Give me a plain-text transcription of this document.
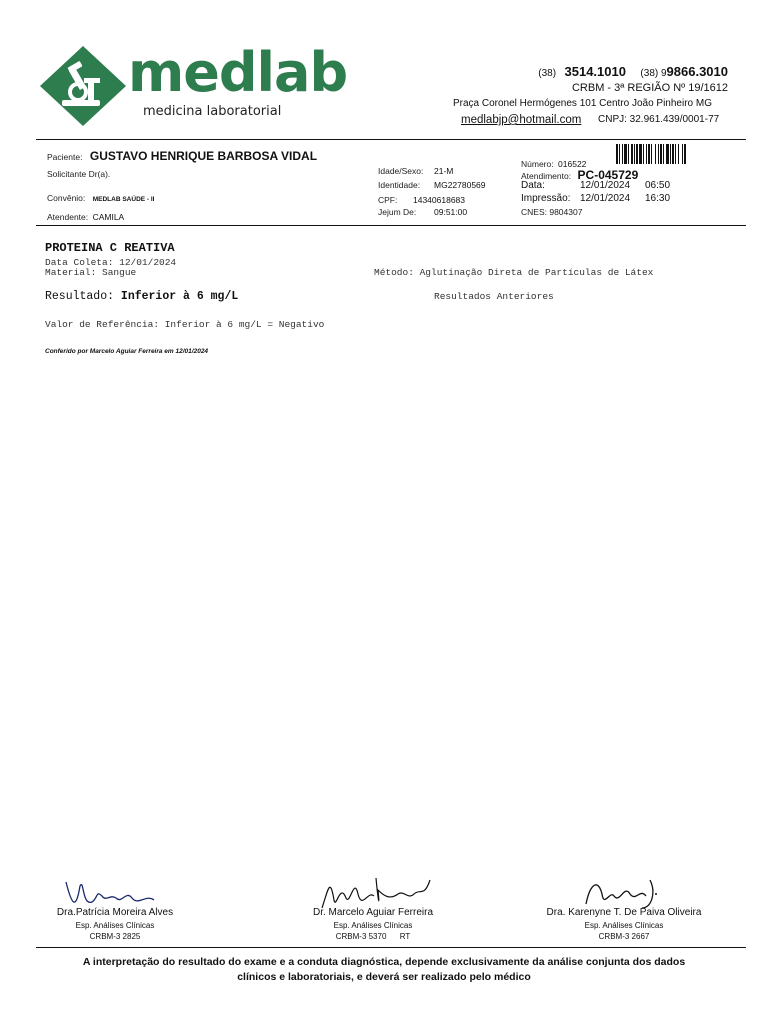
medlab
medicina laboratorial
(38) 3514.1010 (38) 99866.3010
CRBM - 3ª REGIÃO Nº 19/1612
Praça Coronel Hermógenes 101 Centro João Pinheiro MG
medlabjp@hotmail.com CNPJ: 32.961.439/0001-77
Paciente: GUSTAVO HENRIQUE BARBOSA VIDAL
Solicitante Dr(a).
Convênio: MEDLAB SAÚDE - II
Atendente: CAMILA
Idade/Sexo: 21-M
Identidade: MG22780569
CPF: 14340618683
Jejum De: 09:51:00
Número: 016522
Atendimento: PC-045729
Data:	12/01/2024 06:50
Impressão: 12/01/2024 16:30
CNES: 9804307
PROTEINA C REATIVA
Data Coleta: 12/01/2024
Material: Sangue	Método: Aglutinação Direta de Partículas de Látex
Resultado: Inferior à 6 mg/L	Resultados Anteriores
Valor de Referência: Inferior à 6 mg/L = Negativo
Conferido por Marcelo Aguiar Ferreira em 12/01/2024
Dra.Patrícia Moreira Alves
Esp. Análises Clínicas
CRBM-3 2825
Dr. Marcelo Aguiar Ferreira
Esp. Análises Clínicas
CRBM-3 5370      RT
Dra. Karenyne T. De Paiva Oliveira
Esp. Análises Clínicas
CRBM-3 2667
A interpretação do resultado do exame e a conduta diagnóstica, depende exclusivamente da análise conjunta dos dados
clínicos e laboratoriais, e deverá ser realizado pelo médico
